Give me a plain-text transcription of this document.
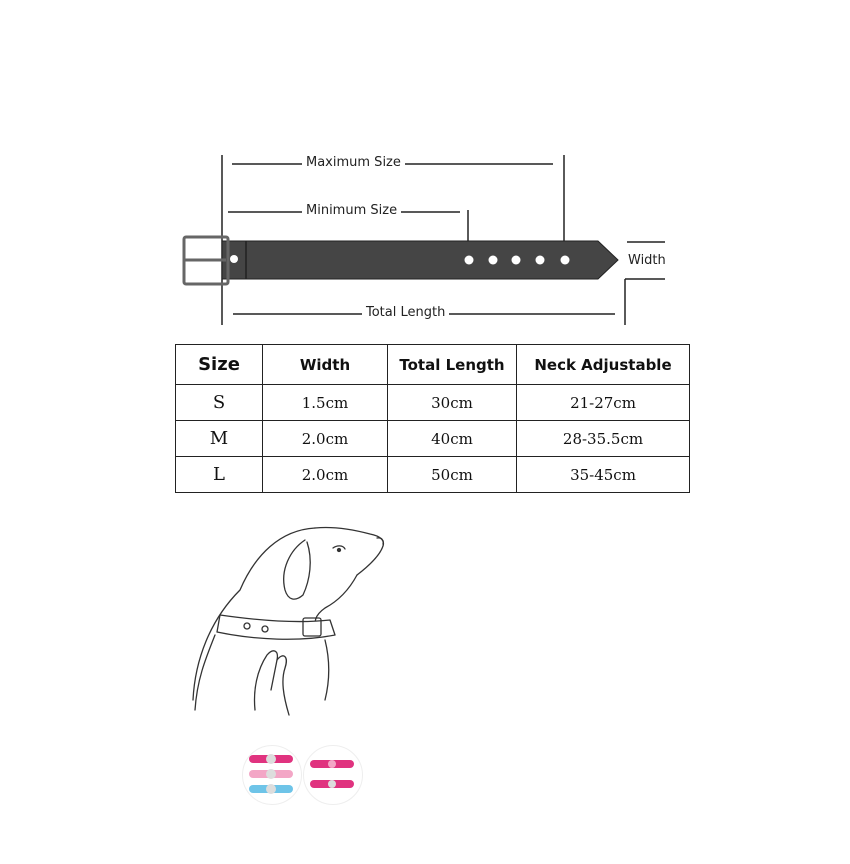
Maximum Size
Minimum Size
Width
Total Length
Size	Width	Total Length	Neck Adjustable
S	1.5cm	30cm	21-27cm
M	2.0cm	40cm	28-35.5cm
L	2.0cm	50cm	35-45cm
